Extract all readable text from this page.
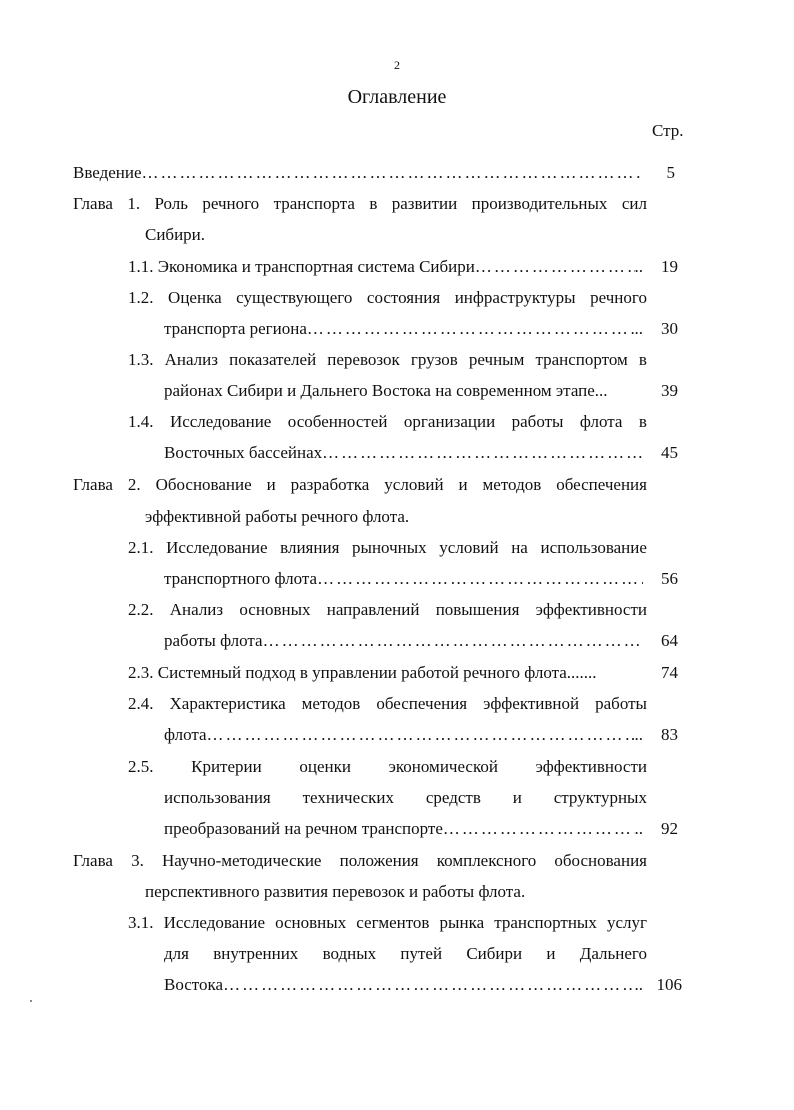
2
Оглавление
Стр.
Введение ……………………………………………………………………………………………………………………………………………………	5
Глава 1. Роль речного транспорта в развитии производительных сил
Сибири.
1.1. Экономика и транспортная система Сибири ……………………………………………………………………………………………………………………………………………………	..	19
1.2. Оценка существующего состояния инфраструктуры речного
транспорта региона ……………………………………………………………………………………………………………………………………………………	..	30
1.3. Анализ показателей перевозок грузов речным транспортом в
районах Сибири и Дальнего Востока на современном этапе...	39
1.4. Исследование особенностей организации работы флота в
Восточных бассейнах ……………………………………………………………………………………………………………………………………………………	45
Глава 2. Обоснование и разработка условий и методов обеспечения
эффективной работы речного флота.
2.1. Исследование влияния рыночных условий на использование
транспортного флота ……………………………………………………………………………………………………………………………………………………	56
2.2. Анализ основных направлений повышения эффективности
работы флота ……………………………………………………………………………………………………………………………………………………	64
2.3. Системный подход в управлении работой речного флота.......	74
2.4. Характеристика методов обеспечения эффективной работы
флота ……………………………………………………………………………………………………………………………………………………	..	83
2.5. Критерии оценки экономической эффективности
использования технических средств и структурных
преобразований на речном транспорте ……………………………………………………………………………………………………………………………………………………	..	92
Глава 3. Научно-методические положения комплексного обоснования
перспективного развития перевозок и работы флота.
3.1. Исследование основных сегментов рынка транспортных услуг
для внутренних водных путей Сибири и Дальнего
Востока ……………………………………………………………………………………………………………………………………………………	.. 106
